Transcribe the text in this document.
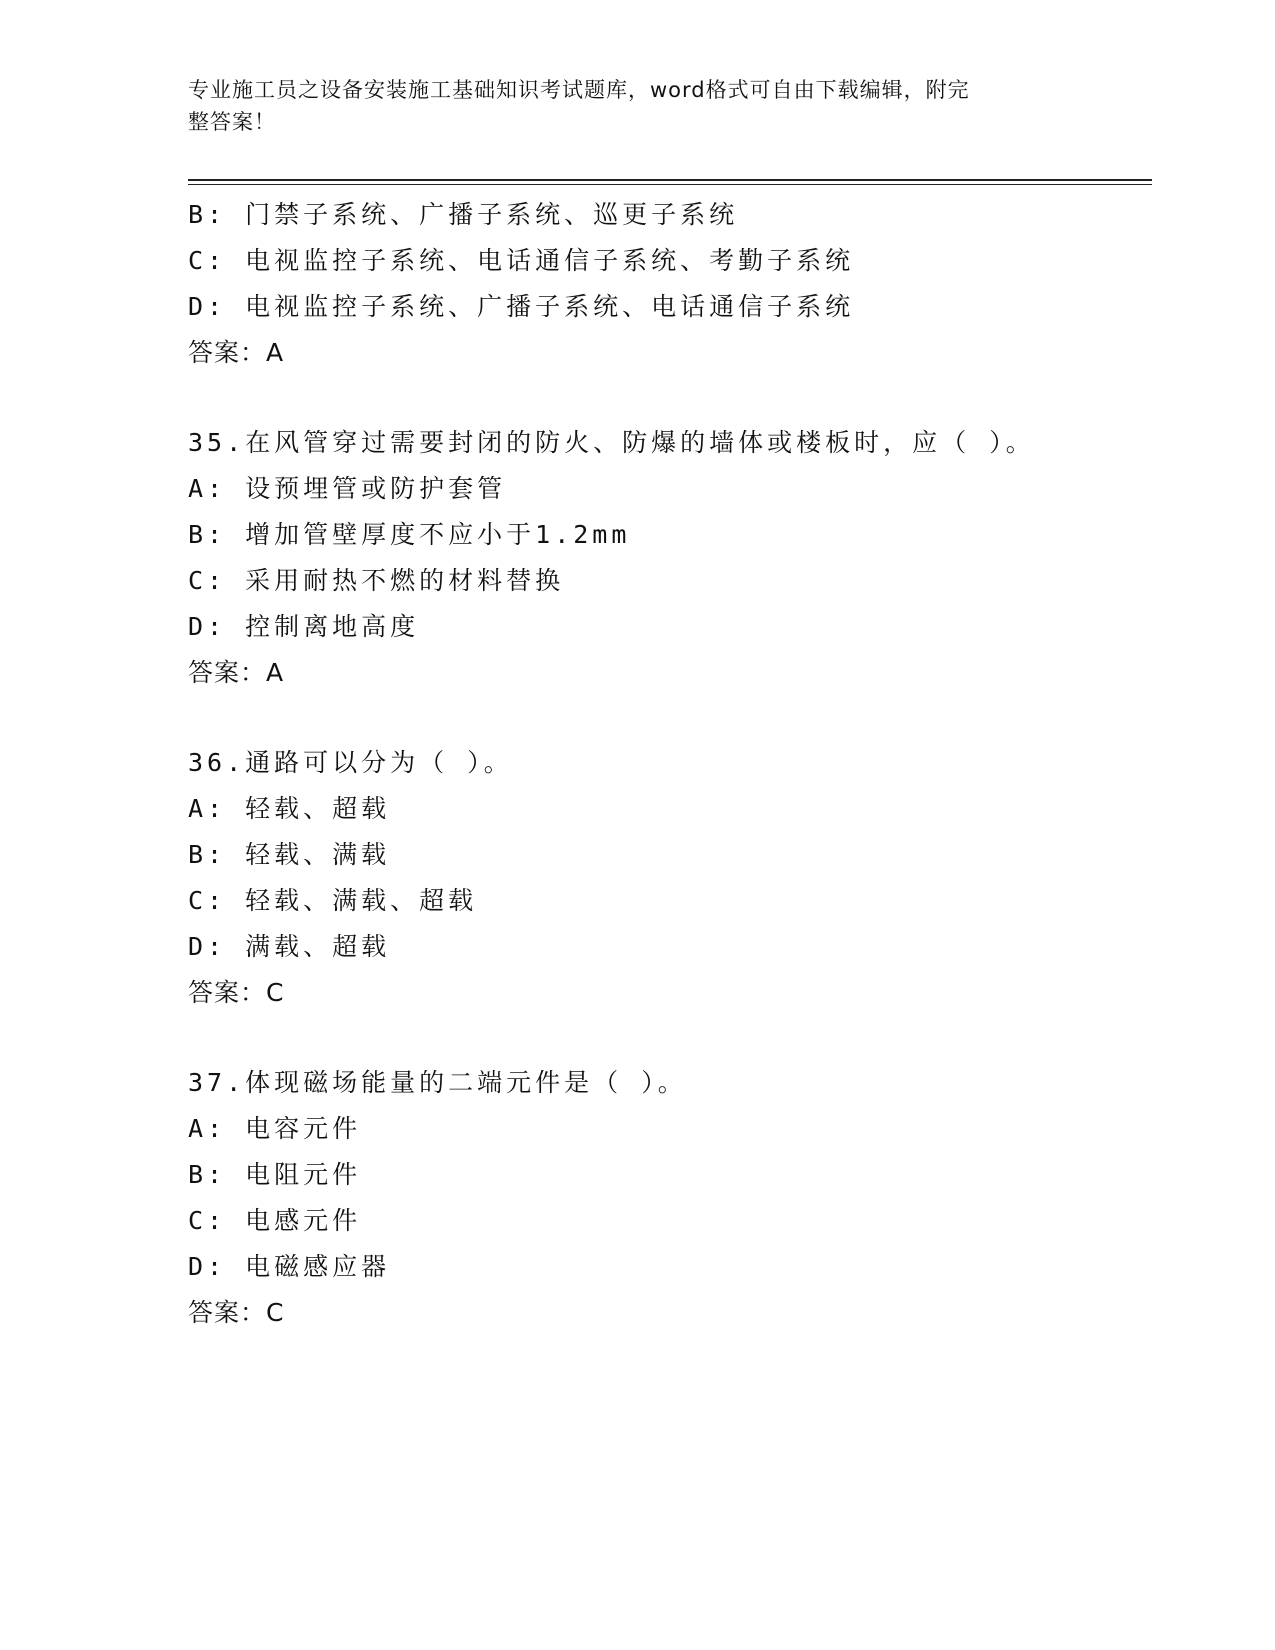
专业施工员之设备安装施工基础知识考试题库，word格式可自由下载编辑，附完
整答案！
B: 门禁子系统、广播子系统、巡更子系统
C: 电视监控子系统、电话通信子系统、考勤子系统
D: 电视监控子系统、广播子系统、电话通信子系统
答案：A
35.在风管穿过需要封闭的防火、防爆的墙体或楼板时，应（ ）。
A: 设预埋管或防护套管
B: 增加管壁厚度不应小于1.2mm
C: 采用耐热不燃的材料替换
D: 控制离地高度
答案：A
36.通路可以分为（ ）。
A: 轻载、超载
B: 轻载、满载
C: 轻载、满载、超载
D: 满载、超载
答案：C
37.体现磁场能量的二端元件是（ ）。
A: 电容元件
B: 电阻元件
C: 电感元件
D: 电磁感应器
答案：C
